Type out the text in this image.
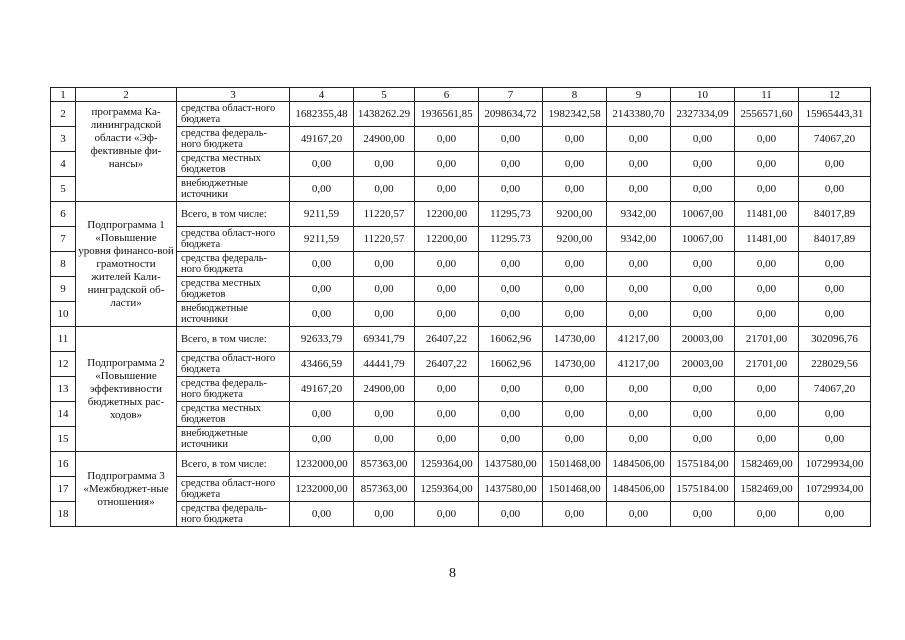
1	2	3	4	5	6	7	8	9	10	11	12
2	программа Ка-лининградской области «Эф-фективные фи-нансы»	средства област-ного бюджета	1682355,48	1438262.29	1936561,85	2098634,72	1982342,58	2143380,70	2327334,09	2556571,60	15965443,31
3		средства федераль-ного бюджета	49167,20	24900,00	0,00	0,00	0,00	0,00	0,00	0,00	74067,20
4		средства местных бюджетов	0,00	0,00	0,00	0,00	0,00	0,00	0,00	0,00	0,00
5		внебюджетные источники	0,00	0,00	0,00	0,00	0,00	0,00	0,00	0,00	0,00
6	Подпрограмма 1 «Повышение уровня финансо-вой грамотности жителей Кали-нинградской об-ласти»	Всего, в том числе:	9211,59	11220,57	12200,00	11295,73	9200,00	9342,00	10067,00	11481,00	84017,89
7		средства област-ного бюджета	9211,59	11220,57	12200,00	11295.73	9200,00	9342,00	10067,00	11481,00	84017,89
8		средства федераль-ного бюджета	0,00	0,00	0,00	0,00	0,00	0,00	0,00	0,00	0,00
9		средства местных бюджетов	0,00	0,00	0,00	0,00	0,00	0,00	0,00	0,00	0,00
10		внебюджетные источники	0,00	0,00	0,00	0,00	0,00	0,00	0,00	0,00	0,00
11	Подпрограмма 2 «Повышение эффективности бюджетных рас-ходов»	Всего, в том числе:	92633,79	69341,79	26407,22	16062,96	14730,00	41217,00	20003,00	21701,00	302096,76
12		средства област-ного бюджета	43466,59	44441,79	26407,22	16062,96	14730,00	41217,00	20003,00	21701,00	228029,56
13		средства федераль-ного бюджета	49167,20	24900,00	0,00	0,00	0,00	0,00	0,00	0,00	74067,20
14		средства местных бюджетов	0,00	0,00	0,00	0,00	0,00	0,00	0,00	0,00	0,00
15		внебюджетные источники	0,00	0,00	0,00	0,00	0,00	0,00	0,00	0,00	0,00
16	Подпрограмма 3 «Межбюджет-ные отношения»	Всего, в том числе:	1232000,00	857363,00	1259364,00	1437580,00	1501468,00	1484506,00	1575184,00	1582469,00	10729934,00
17		средства област-ного бюджета	1232000,00	857363,00	1259364,00	1437580,00	1501468,00	1484506,00	1575184.00	1582469,00	10729934,00
18		средства федераль-ного бюджета	0,00	0,00	0,00	0,00	0,00	0,00	0,00	0,00	0,00
8
